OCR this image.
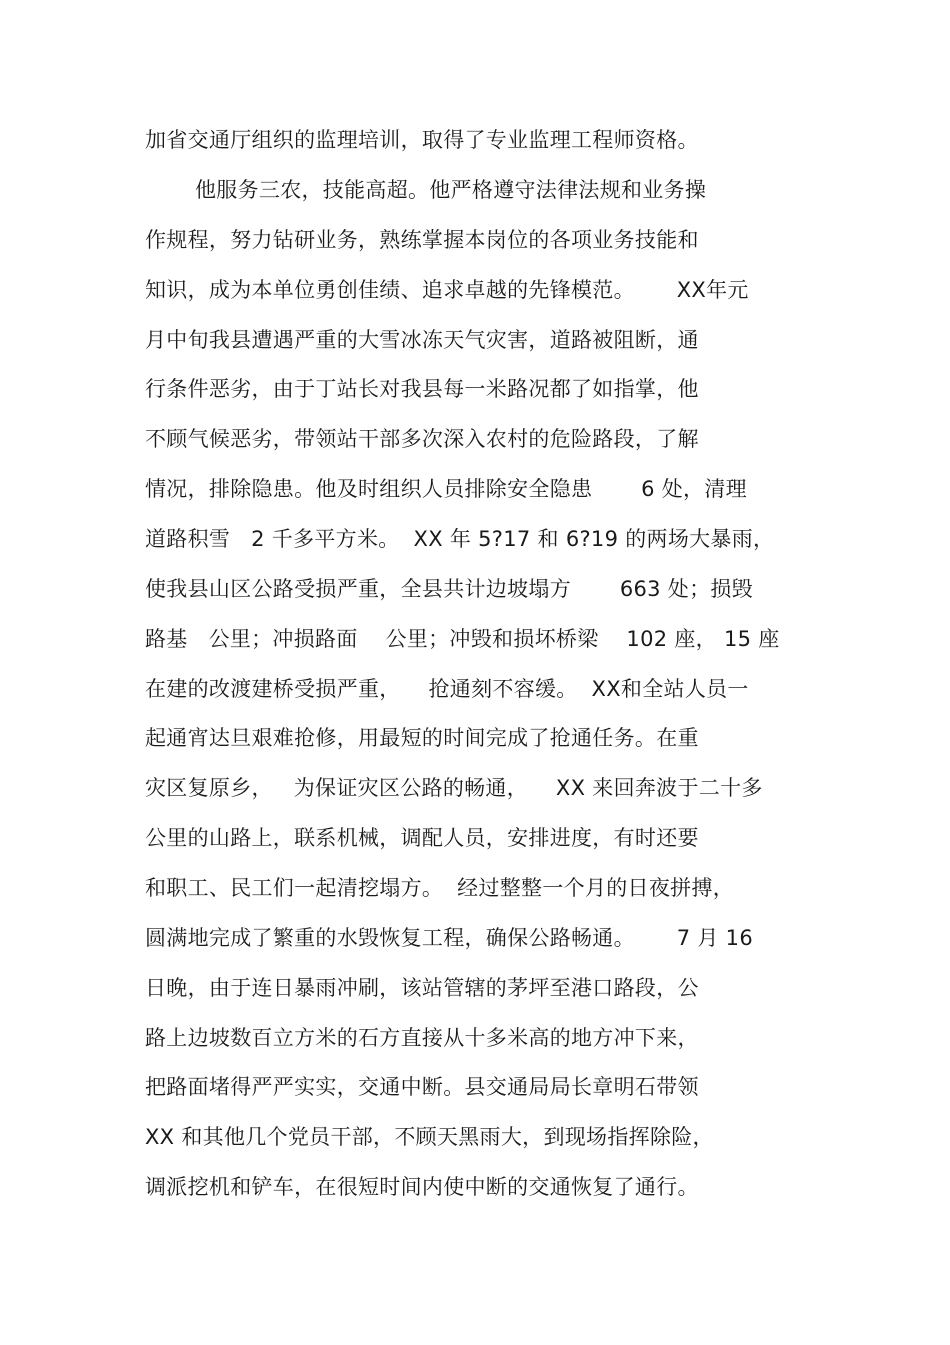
加省交通厅组织的监理培训，取得了专业监理工程师资格。
他服务三农，技能高超。他严格遵守法律法规和业务操
作规程，努力钻研业务，熟练掌握本岗位的各项业务技能和
知识，成为本单位勇创佳绩、追求卓越的先锋模范。      XX年元
月中旬我县遭遇严重的大雪冰冻天气灾害，道路被阻断，通
行条件恶劣，由于丁站长对我县每一米路况都了如指掌，他
不顾气候恶劣，带领站干部多次深入农村的危险路段，了解
情况，排除隐患。他及时组织人员排除安全隐患       6 处，清理
道路积雪   2 千多平方米。  XX 年 5?17 和 6?19 的两场大暴雨，
使我县山区公路受损严重，全县共计边坡塌方       663 处；损毁
路基   公里；冲损路面    公里；冲毁和损坏桥梁    102 座， 15 座
在建的改渡建桥受损严重，    抢通刻不容缓。  XX和全站人员一
起通宵达旦艰难抢修，用最短的时间完成了抢通任务。在重
灾区复原乡，   为保证灾区公路的畅通，    XX 来回奔波于二十多
公里的山路上，联系机械，调配人员，安排进度，有时还要
和职工、民工们一起清挖塌方。  经过整整一个月的日夜拼搏，
圆满地完成了繁重的水毁恢复工程，确保公路畅通。      7 月 16
日晚，由于连日暴雨冲刷，该站管辖的茅坪至港口路段，公
路上边坡数百立方米的石方直接从十多米高的地方冲下来，
把路面堵得严严实实，交通中断。县交通局局长章明石带领
XX 和其他几个党员干部，不顾天黑雨大，到现场指挥除险，
调派挖机和铲车，在很短时间内使中断的交通恢复了通行。
